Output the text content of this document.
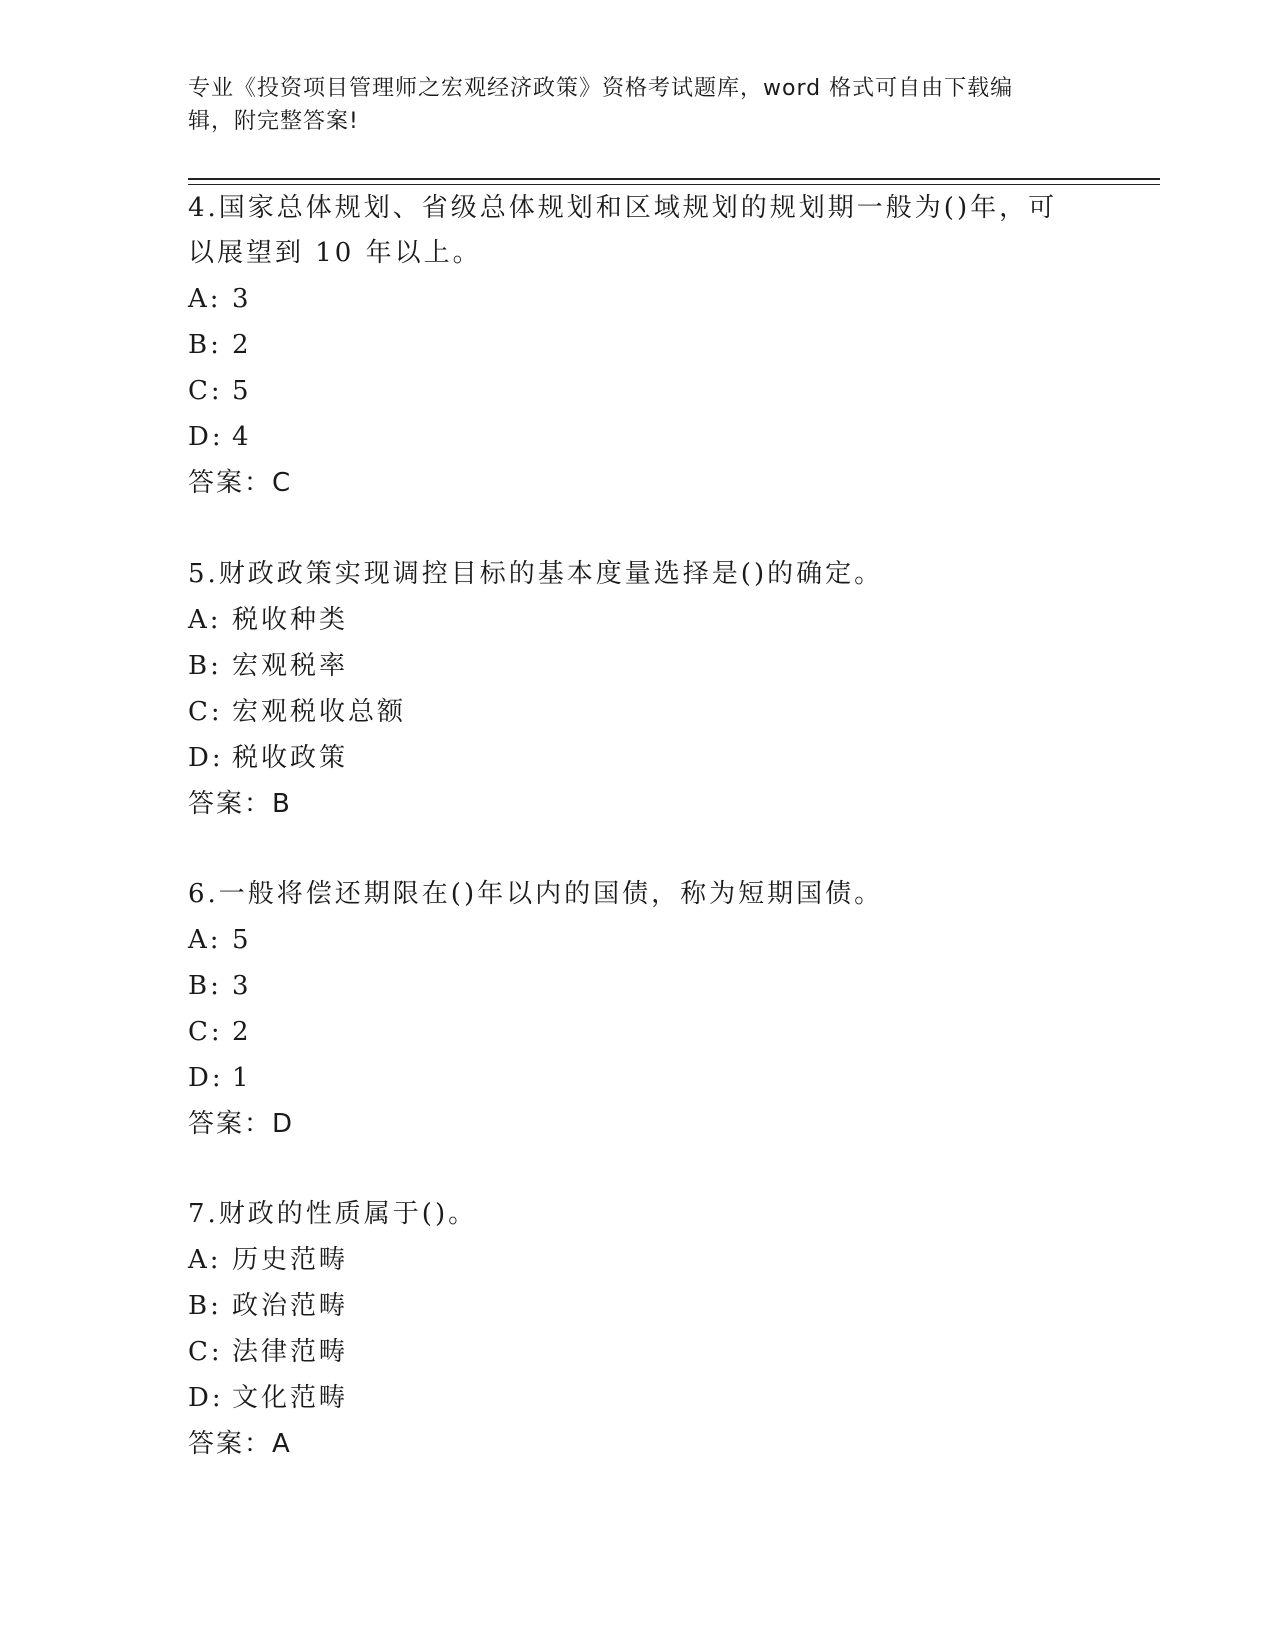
专业《投资项目管理师之宏观经济政策》资格考试题库，word 格式可自由下载编
辑，附完整答案!

4.国家总体规划、省级总体规划和区域规划的规划期一般为()年，可以展望到 10 年以上。

A: 3
B: 2
C: 5
D: 4
答案：C

5.财政政策实现调控目标的基本度量选择是()的确定。

A: 税收种类
B: 宏观税率
C: 宏观税收总额
D: 税收政策
答案：B

6.一般将偿还期限在()年以内的国债，称为短期国债。

A: 5
B: 3
C: 2
D: 1
答案：D

7.财政的性质属于()。

A: 历史范畴
B: 政治范畴
C: 法律范畴
D: 文化范畴
答案：A
